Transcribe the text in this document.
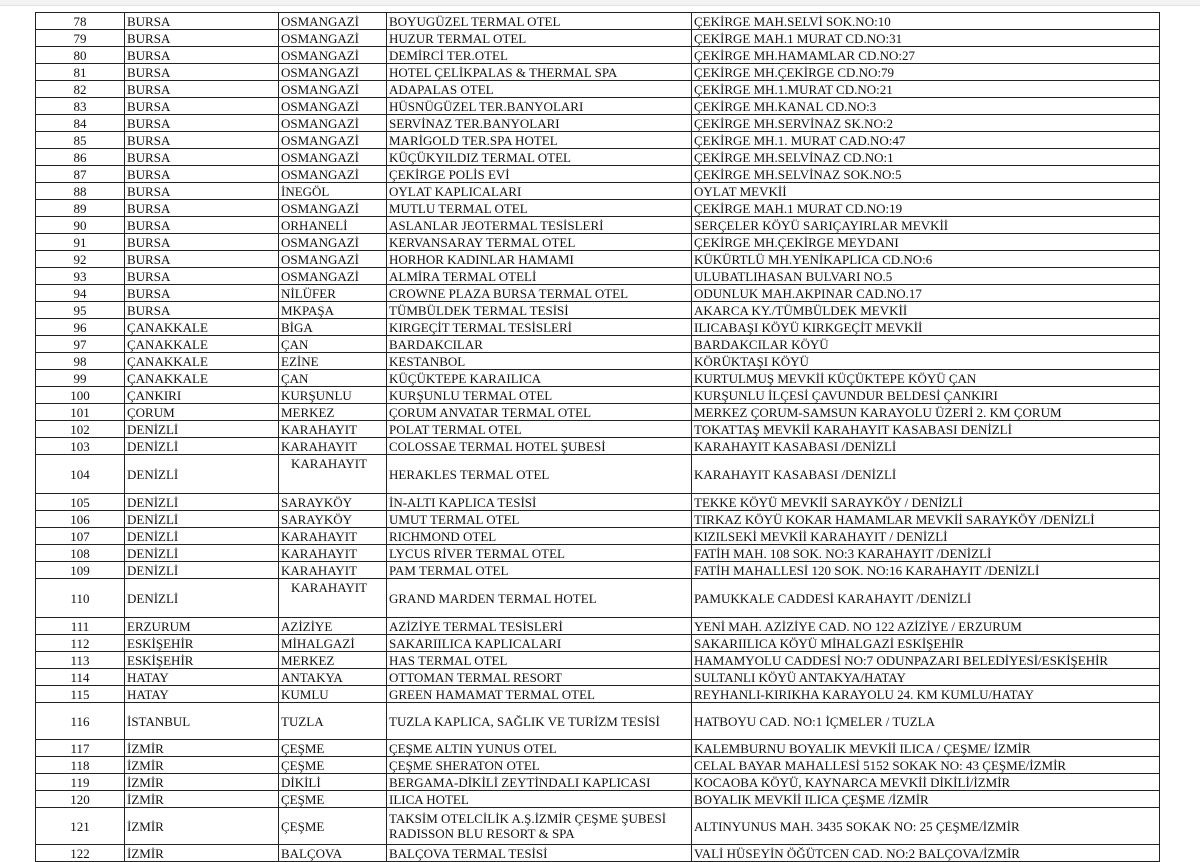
78	BURSA	OSMANGAZİ	BOYUGÜZEL TERMAL OTEL	ÇEKİRGE MAH.SELVİ SOK.NO:10
79	BURSA	OSMANGAZİ	HUZUR TERMAL OTEL	ÇEKİRGE MAH.1 MURAT CD.NO:31
80	BURSA	OSMANGAZİ	DEMİRCİ TER.OTEL	ÇEKİRGE MH.HAMAMLAR CD.NO:27
81	BURSA	OSMANGAZİ	HOTEL ÇELİKPALAS & THERMAL SPA	ÇEKİRGE MH.ÇEKİRGE CD.NO:79
82	BURSA	OSMANGAZİ	ADAPALAS OTEL	ÇEKİRGE MH.1.MURAT CD.NO:21
83	BURSA	OSMANGAZİ	HÜSNÜGÜZEL TER.BANYOLARI	ÇEKİRGE MH.KANAL CD.NO:3
84	BURSA	OSMANGAZİ	SERVİNAZ TER.BANYOLARI	ÇEKİRGE MH.SERVİNAZ SK.NO:2
85	BURSA	OSMANGAZİ	MARİGOLD TER.SPA HOTEL	ÇEKİRGE MH.1. MURAT CAD.NO:47
86	BURSA	OSMANGAZİ	KÜÇÜKYILDIZ TERMAL OTEL	ÇEKİRGE MH.SELVİNAZ CD.NO:1
87	BURSA	OSMANGAZİ	ÇEKİRGE POLİS EVİ	ÇEKİRGE MH.SELVİNAZ SOK.NO:5
88	BURSA	İNEGÖL	OYLAT KAPLICALARI	OYLAT MEVKİİ
89	BURSA	OSMANGAZİ	MUTLU TERMAL OTEL	ÇEKİRGE MAH.1 MURAT CD.NO:19
90	BURSA	ORHANELİ	ASLANLAR JEOTERMAL TESİSLERİ	SERÇELER KÖYÜ SARIÇAYIRLAR MEVKİİ
91	BURSA	OSMANGAZİ	KERVANSARAY TERMAL OTEL	ÇEKİRGE MH.ÇEKİRGE MEYDANI
92	BURSA	OSMANGAZİ	HORHOR KADINLAR HAMAMI	KÜKÜRTLÜ MH.YENİKAPLICA CD.NO:6
93	BURSA	OSMANGAZİ	ALMİRA TERMAL OTELİ	ULUBATLIHASAN BULVARI NO.5
94	BURSA	NİLÜFER	CROWNE PLAZA BURSA TERMAL OTEL	ODUNLUK MAH.AKPINAR CAD.NO.17
95	BURSA	MKPAŞA	TÜMBÜLDEK TERMAL TESİSİ	AKARCA KY./TÜMBÜLDEK MEVKİİ
96	ÇANAKKALE	BİGA	KIRGEÇİT TERMAL TESİSLERİ	ILICABAŞI KÖYÜ KIRKGEÇİT MEVKİİ
97	ÇANAKKALE	ÇAN	BARDAKCILAR	BARDAKCILAR KÖYÜ
98	ÇANAKKALE	EZİNE	KESTANBOL	KÖRÜKTAŞI KÖYÜ
99	ÇANAKKALE	ÇAN	KÜÇÜKTEPE KARAILICA	KURTULMUŞ MEVKİİ KÜÇÜKTEPE KÖYÜ ÇAN
100	ÇANKIRI	KURŞUNLU	KURŞUNLU TERMAL OTEL	KURŞUNLU İLÇESİ ÇAVUNDUR BELDESİ ÇANKIRI
101	ÇORUM	MERKEZ	ÇORUM ANVATAR TERMAL OTEL	MERKEZ ÇORUM-SAMSUN KARAYOLU ÜZERİ 2. KM ÇORUM
102	DENİZLİ	KARAHAYIT	POLAT TERMAL OTEL	TOKATTAŞ MEVKİİ KARAHAYIT KASABASI DENİZLİ
103	DENİZLİ	KARAHAYIT	COLOSSAE TERMAL HOTEL ŞUBESİ	KARAHAYIT KASABASI /DENİZLİ
104	DENİZLİ	KARAHAYIT	HERAKLES TERMAL OTEL	KARAHAYIT KASABASI /DENİZLİ
105	DENİZLİ	SARAYKÖY	İN-ALTI KAPLICA TESİSİ	TEKKE KÖYÜ MEVKİİ SARAYKÖY / DENİZLİ
106	DENİZLİ	SARAYKÖY	UMUT TERMAL OTEL	TIRKAZ KÖYÜ KOKAR HAMAMLAR MEVKİİ SARAYKÖY /DENİZLİ
107	DENİZLİ	KARAHAYIT	RICHMOND OTEL	KIZILSEKİ MEVKİİ KARAHAYIT / DENİZLİ
108	DENİZLİ	KARAHAYIT	LYCUS RİVER TERMAL OTEL	FATİH MAH. 108 SOK. NO:3 KARAHAYIT /DENİZLİ
109	DENİZLİ	KARAHAYIT	PAM TERMAL OTEL	FATİH MAHALLESİ 120 SOK. NO:16 KARAHAYIT /DENİZLİ
110	DENİZLİ	KARAHAYIT	GRAND MARDEN TERMAL HOTEL	PAMUKKALE CADDESİ KARAHAYIT /DENİZLİ
111	ERZURUM	AZİZİYE	AZİZİYE TERMAL TESİSLERİ	YENİ MAH. AZİZİYE CAD. NO 122 AZİZİYE / ERZURUM
112	ESKİŞEHİR	MİHALGAZİ	SAKARIILICA KAPLICALARI	SAKARIILICA KÖYÜ MİHALGAZİ ESKİŞEHİR
113	ESKİŞEHİR	MERKEZ	HAS TERMAL OTEL	HAMAMYOLU CADDESİ NO:7 ODUNPAZARI BELEDİYESİ/ESKİŞEHİR
114	HATAY	ANTAKYA	OTTOMAN TERMAL RESORT	SULTANLI KÖYÜ ANTAKYA/HATAY
115	HATAY	KUMLU	GREEN HAMAMAT TERMAL OTEL	REYHANLI-KIRIKHA KARAYOLU 24. KM KUMLU/HATAY
116	İSTANBUL	TUZLA	TUZLA KAPLICA, SAĞLIK VE TURİZM TESİSİ	HATBOYU CAD. NO:1 İÇMELER / TUZLA
117	İZMİR	ÇEŞME	ÇEŞME ALTIN YUNUS OTEL	KALEMBURNU BOYALIK MEVKİİ ILICA / ÇEŞME/ İZMİR
118	İZMİR	ÇEŞME	ÇEŞME SHERATON OTEL	CELAL BAYAR MAHALLESİ 5152 SOKAK NO: 43 ÇEŞME/İZMİR
119	İZMİR	DİKİLİ	BERGAMA-DİKİLİ ZEYTİNDALI KAPLICASI	KOCAOBA KÖYÜ, KAYNARCA MEVKİİ DİKİLİ/İZMİR
120	İZMİR	ÇEŞME	ILICA HOTEL	BOYALIK MEVKİİ ILICA ÇEŞME /İZMİR
121	İZMİR	ÇEŞME	TAKSİM OTELCİLİK A.Ş.İZMİR ÇEŞME ŞUBESİ RADISSON BLU RESORT & SPA	ALTINYUNUS MAH. 3435 SOKAK NO: 25 ÇEŞME/İZMİR
122	İZMİR	BALÇOVA	BALÇOVA TERMAL TESİSİ	VALİ HÜSEYİN ÖĞÜTCEN CAD. NO:2 BALÇOVA/İZMİR
